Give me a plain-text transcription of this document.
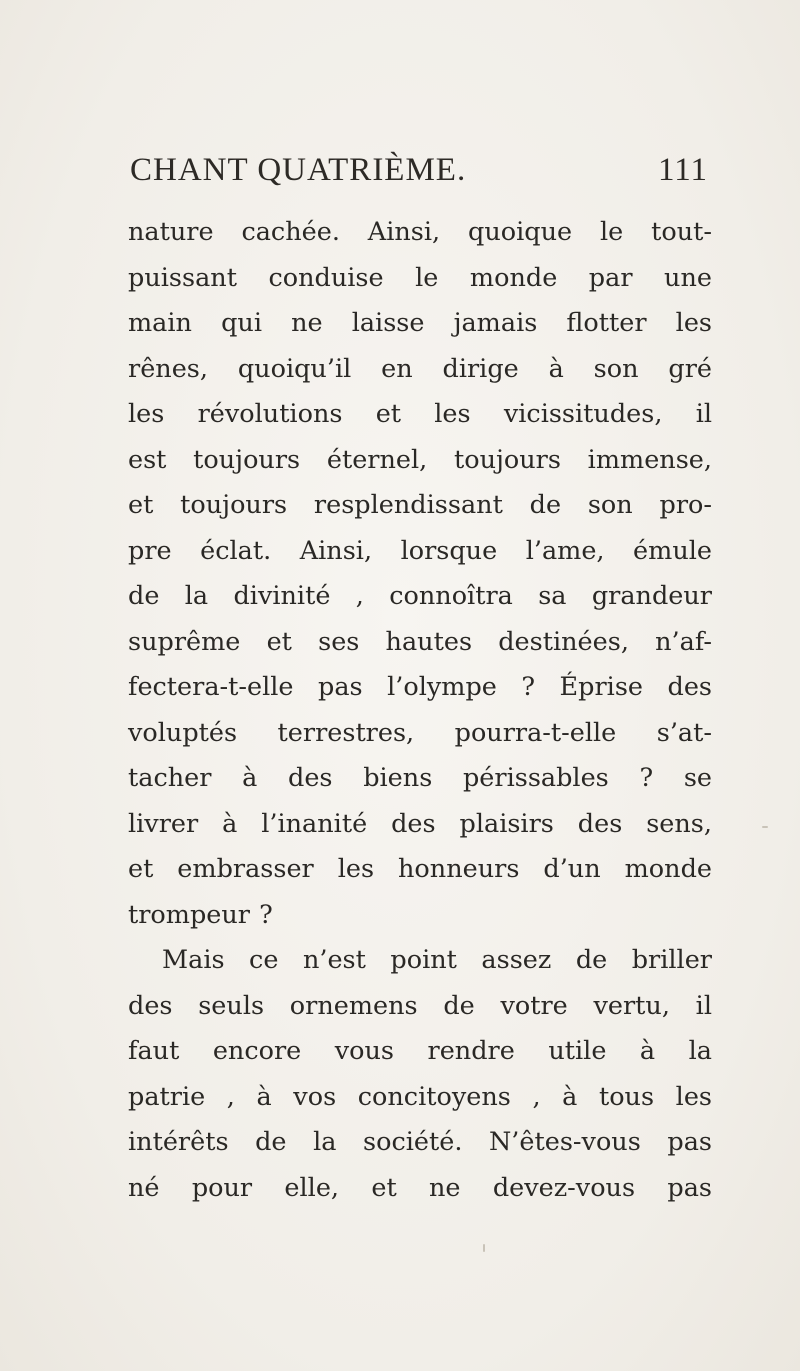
CHANT QUATRIÈME.	111
nature cachée. Ainsi, quoique le tout-
puissant conduise le monde par une
main qui ne laisse jamais flotter les
rênes, quoiqu’il en dirige à son gré
les révolutions et les vicissitudes, il
est toujours éternel, toujours immense,
et toujours resplendissant de son pro-
pre éclat. Ainsi, lorsque l’ame, émule
de la divinité , connoîtra sa grandeur
suprême et ses hautes destinées, n’af-
fectera-t-elle pas l’olympe ? Éprise des
voluptés terrestres, pourra-t-elle s’at-
tacher à des biens périssables ? se
livrer à l’inanité des plaisirs des sens,
et embrasser les honneurs d’un monde
trompeur ?
Mais ce n’est point assez de briller
des seuls ornemens de votre vertu, il
faut encore vous rendre utile à la
patrie , à vos concitoyens , à tous les
intérêts de la société. N’êtes-vous pas
né pour elle, et ne devez-vous pas
